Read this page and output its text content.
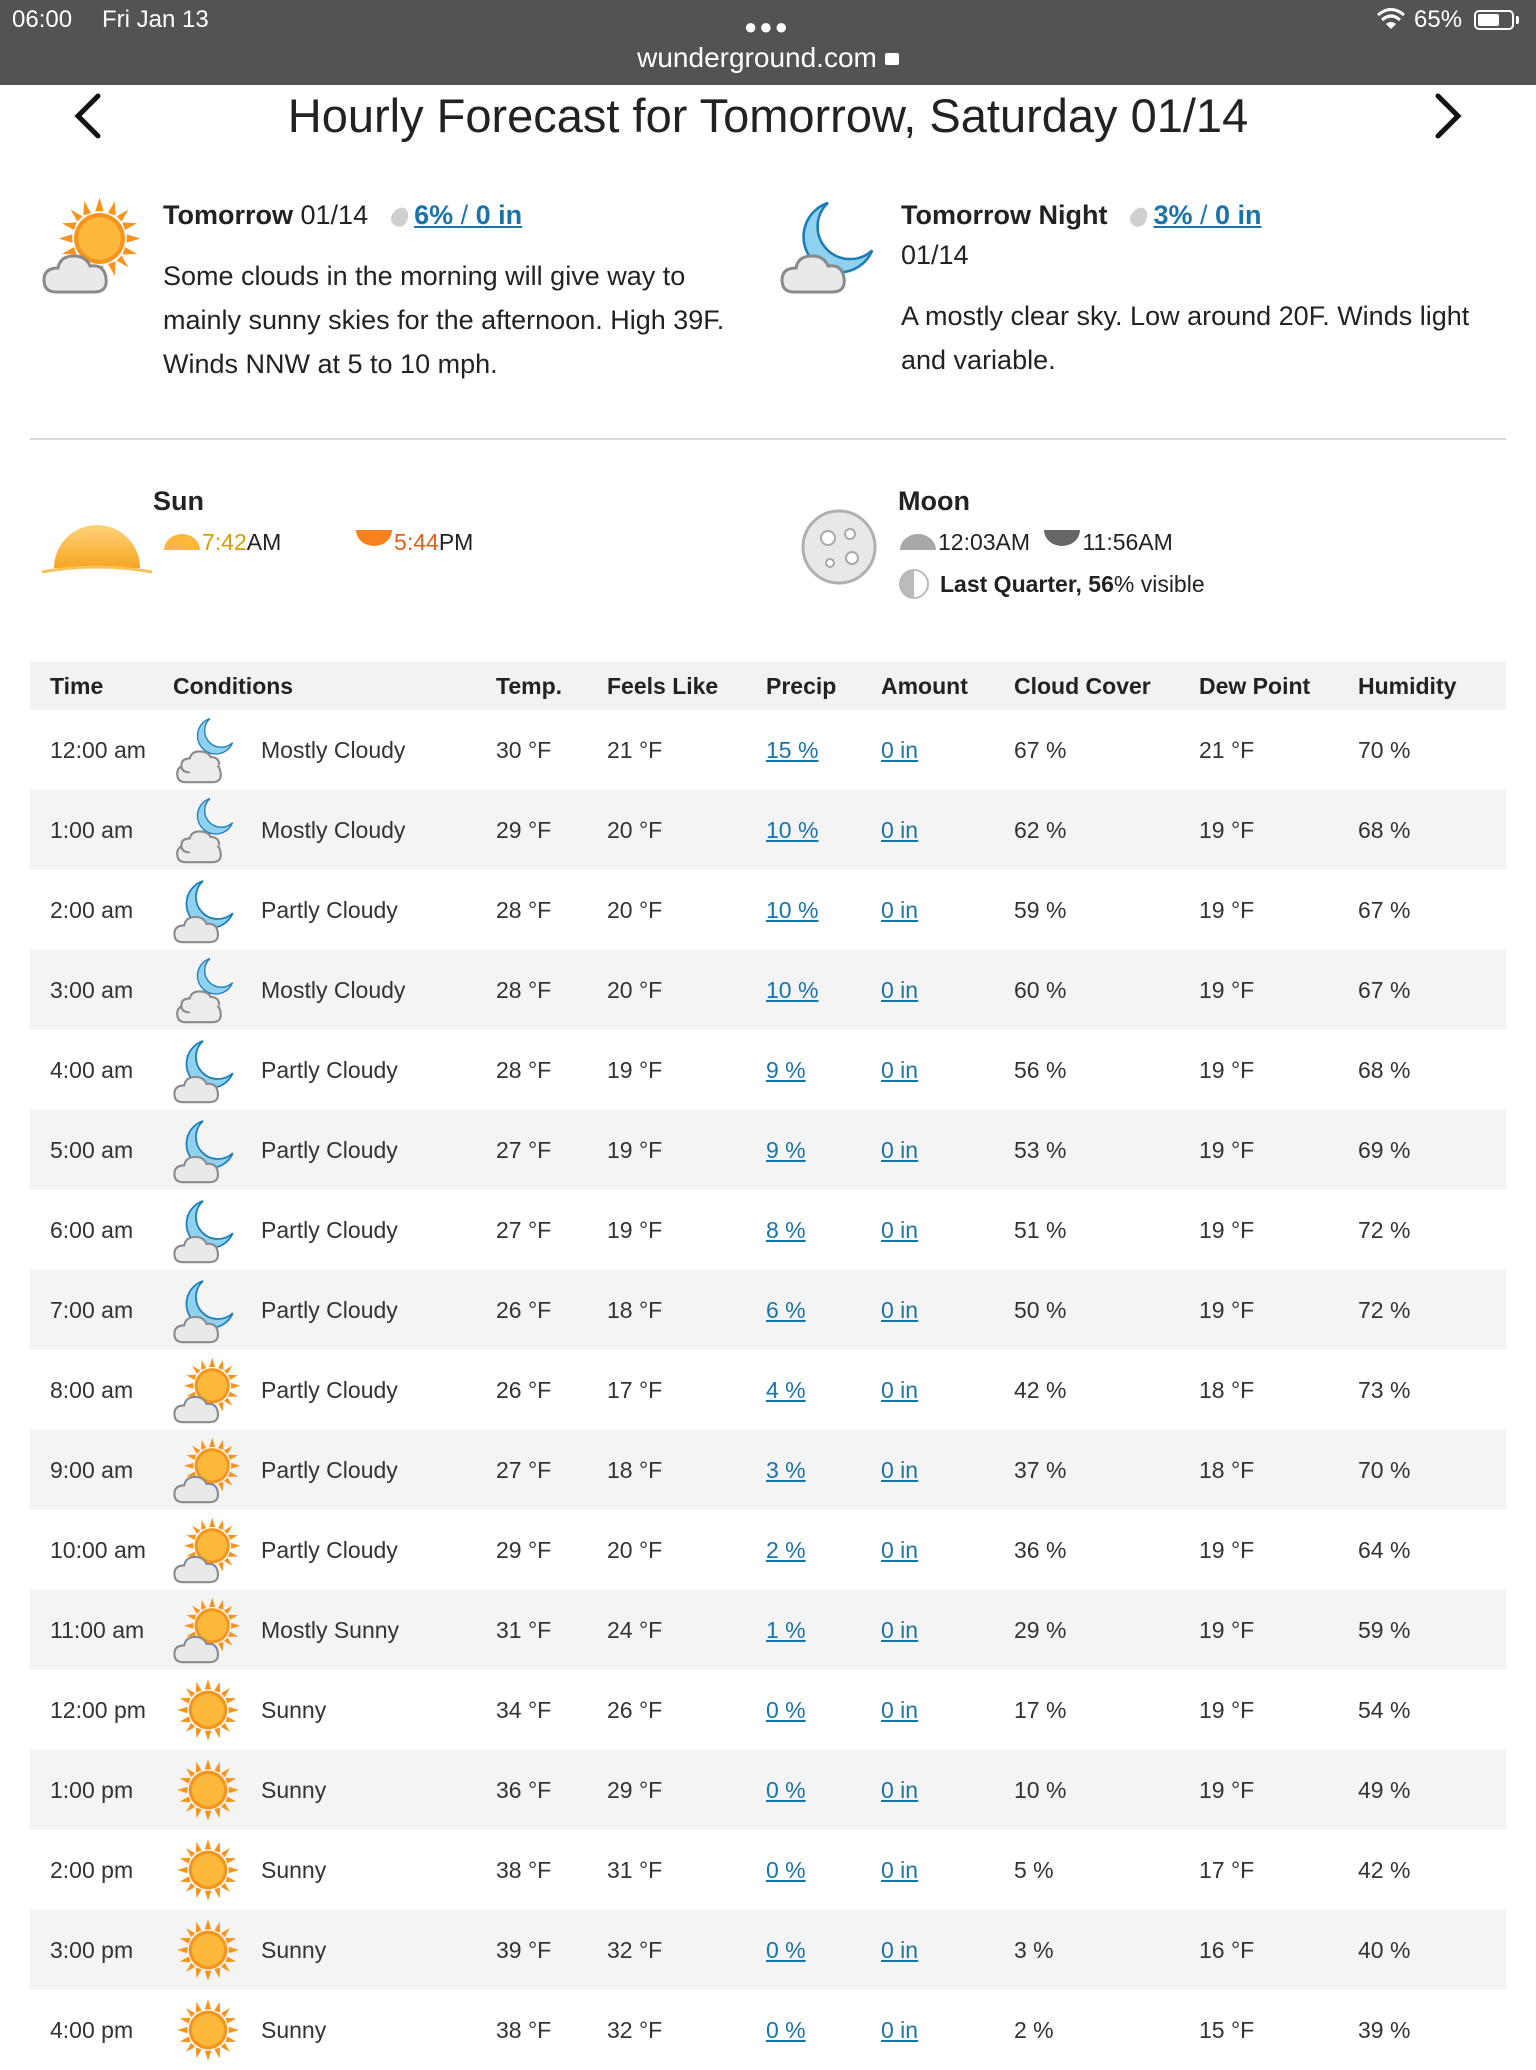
06:00 Fri Jan 13	●●●
wunderground.com
65%
Hourly Forecast for Tomorrow, Saturday 01/14
Tomorrow 01/14 6% / 0 in
Some clouds in the morning will give way to mainly sunny skies for the afternoon. High 39F. Winds NNW at 5 to 10 mph.
Tomorrow Night 3% / 0 in
01/14
A mostly clear sky. Low around 20F. Winds light and variable.
Sun
7:42AM	5:44PM
Moon
12:03AM 11:56AM
Last Quarter, 56% visible
Time	Conditions	Temp.	Feels Like	Precip	Amount	Cloud Cover	Dew Point	Humidity
12:00 am	Mostly Cloudy	30 °F	21 °F	15 %	0 in	67 %	21 °F	70 %
1:00 am	Mostly Cloudy	29 °F	20 °F	10 %	0 in	62 %	19 °F	68 %
2:00 am	Partly Cloudy	28 °F	20 °F	10 %	0 in	59 %	19 °F	67 %
3:00 am	Mostly Cloudy	28 °F	20 °F	10 %	0 in	60 %	19 °F	67 %
4:00 am	Partly Cloudy	28 °F	19 °F	9 %	0 in	56 %	19 °F	68 %
5:00 am	Partly Cloudy	27 °F	19 °F	9 %	0 in	53 %	19 °F	69 %
6:00 am	Partly Cloudy	27 °F	19 °F	8 %	0 in	51 %	19 °F	72 %
7:00 am	Partly Cloudy	26 °F	18 °F	6 %	0 in	50 %	19 °F	72 %
8:00 am	Partly Cloudy	26 °F	17 °F	4 %	0 in	42 %	18 °F	73 %
9:00 am	Partly Cloudy	27 °F	18 °F	3 %	0 in	37 %	18 °F	70 %
10:00 am	Partly Cloudy	29 °F	20 °F	2 %	0 in	36 %	19 °F	64 %
11:00 am	Mostly Sunny	31 °F	24 °F	1 %	0 in	29 %	19 °F	59 %
12:00 pm	Sunny	34 °F	26 °F	0 %	0 in	17 %	19 °F	54 %
1:00 pm	Sunny	36 °F	29 °F	0 %	0 in	10 %	19 °F	49 %
2:00 pm	Sunny	38 °F	31 °F	0 %	0 in	5 %	17 °F	42 %
3:00 pm	Sunny	39 °F	32 °F	0 %	0 in	3 %	16 °F	40 %
4:00 pm	Sunny	38 °F	32 °F	0 %	0 in	2 %	15 °F	39 %
